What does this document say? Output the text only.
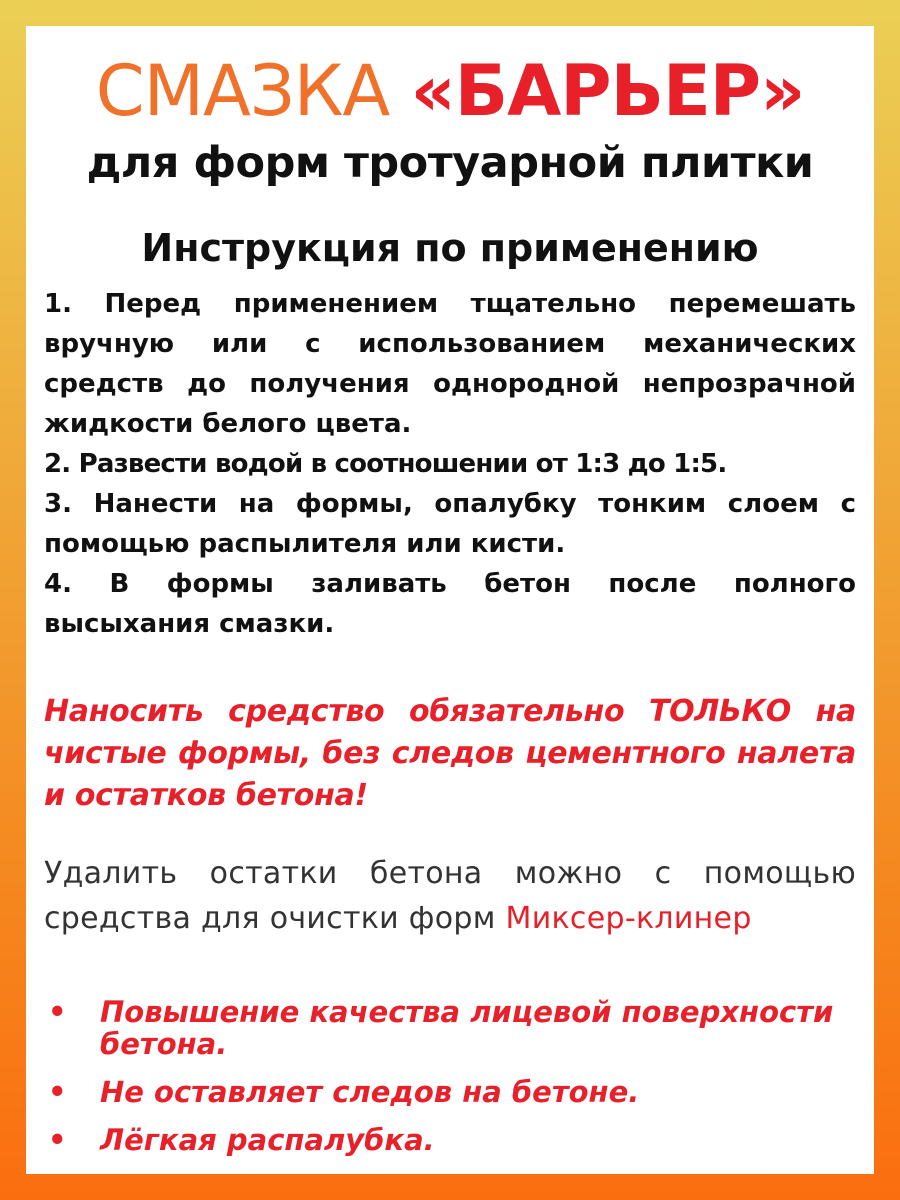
СМАЗКА «БАРЬЕР»
для форм тротуарной плитки
Инструкция по применению
1. Перед применением тщательно перемешать вручную или с использованием механических средств до получения однородной непрозрачной жидкости белого цвета.
2. Развести водой в соотношении от 1:3 до 1:5.
3. Нанести на формы, опалубку тонким слоем с помощью распылителя или кисти.
4. В формы заливать бетон после полного высыхания смазки.
Наносить средство обязательно ТОЛЬКО на чистые формы, без следов цементного налета и остатков бетона!
Удалить остатки бетона можно с помощью средства для очистки форм Миксер-клинер
• Повышение качества лицевой поверхности бетона.
• Не оставляет следов на бетоне.
• Лёгкая распалубка.
